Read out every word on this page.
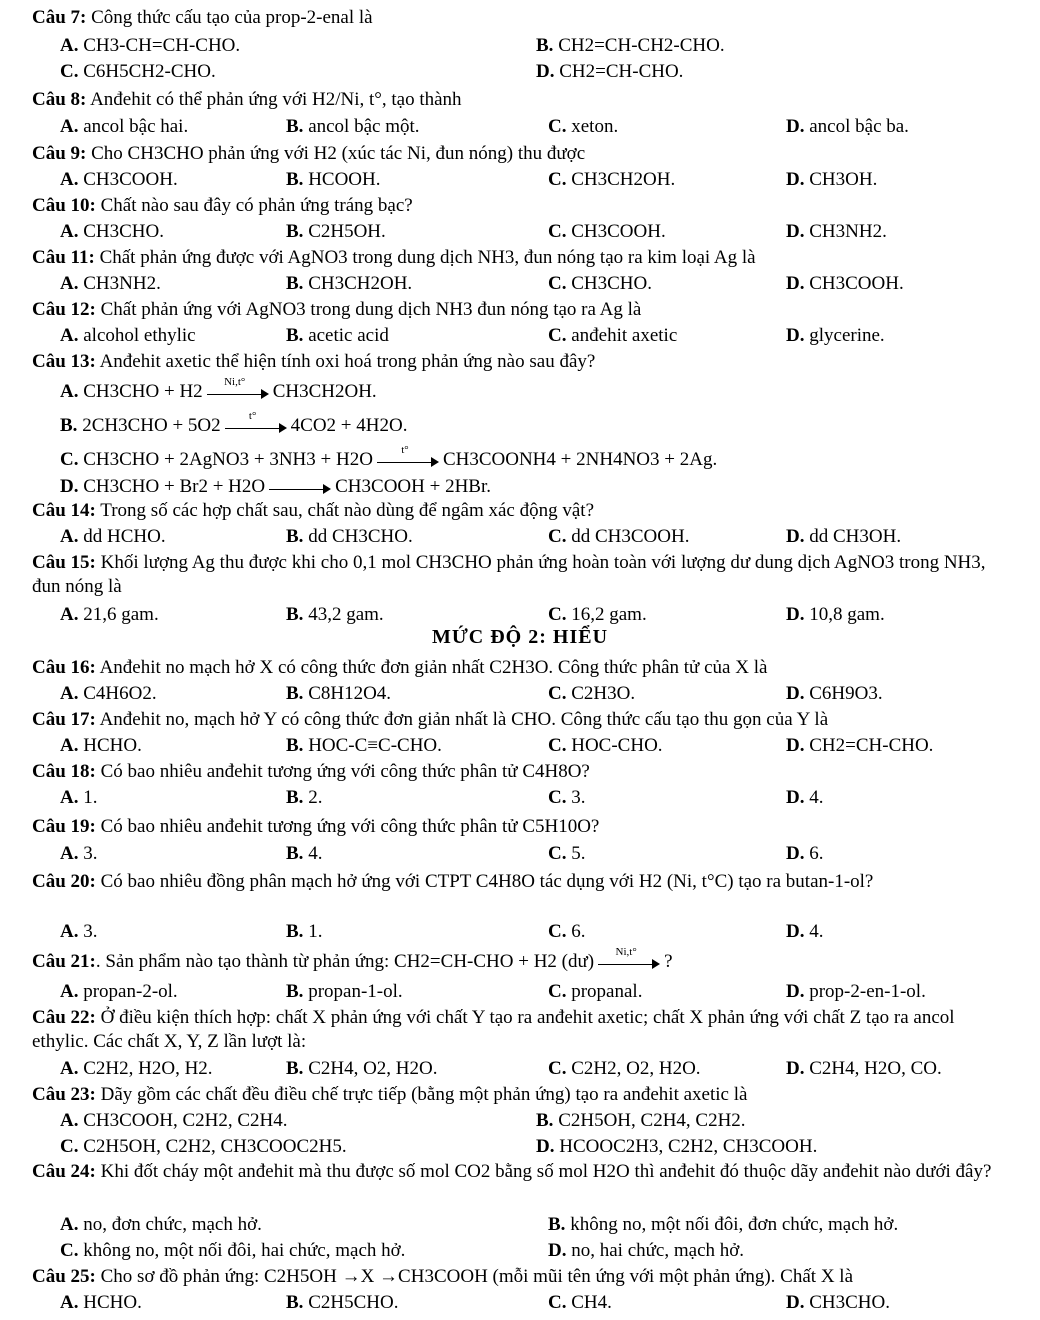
Câu 7: Công thức cấu tạo của prop-2-enal là
A. CH3-CH=CH-CHO.	B. CH2=CH-CH2-CHO.
C. C6H5CH2-CHO.	D. CH2=CH-CHO.
Câu 8: Anđehit có thể phản ứng với H2/Ni, t°, tạo thành
A. ancol bậc hai.	B. ancol bậc một.	C. xeton.	D. ancol bậc ba.
Câu 9: Cho CH3CHO phản ứng với H2 (xúc tác Ni, đun nóng) thu được
A. CH3COOH.	B. HCOOH.	C. CH3CH2OH.	D. CH3OH.
Câu 10: Chất nào sau đây có phản ứng tráng bạc?
A. CH3CHO.	B. C2H5OH.	C. CH3COOH.	D. CH3NH2.
Câu 11: Chất phản ứng được với AgNO3 trong dung dịch NH3, đun nóng tạo ra kim loại Ag là
A. CH3NH2.	B. CH3CH2OH.	C. CH3CHO.	D. CH3COOH.
Câu 12: Chất phản ứng với AgNO3 trong dung dịch NH3 đun nóng tạo ra Ag là
A. alcohol ethylic	B. acetic acid	C. anđehit axetic	D. glycerine.
Câu 13: Anđehit axetic thể hiện tính oxi hoá trong phản ứng nào sau đây?
A. CH3CHO + H2	Ni,t°	CH3CH2OH.
B. 2CH3CHO + 5O2	t°	4CO2 + 4H2O.
C. CH3CHO + 2AgNO3 + 3NH3 + H2O	t°	CH3COONH4 + 2NH4NO3 + 2Ag.
D. CH3CHO + Br2 + H2O	CH3COOH + 2HBr.
Câu 14: Trong số các hợp chất sau, chất nào dùng để ngâm xác động vật?
A. dd HCHO.	B. dd CH3CHO.	C. dd CH3COOH.	D. dd CH3OH.
Câu 15: Khối lượng Ag thu được khi cho 0,1 mol CH3CHO phản ứng hoàn toàn với lượng dư dung dịch AgNO3 trong NH3, đun nóng là
A. 21,6 gam.	B. 43,2 gam.	C. 16,2 gam.	D. 10,8 gam.
MỨC ĐỘ 2: HIỂU
Câu 16: Anđehit no mạch hở X có công thức đơn giản nhất C2H3O. Công thức phân tử của X là
A. C4H6O2.	B. C8H12O4.	C. C2H3O.	D. C6H9O3.
Câu 17: Anđehit no, mạch hở Y có công thức đơn giản nhất là CHO. Công thức cấu tạo thu gọn của Y là
A. HCHO.	B. HOC-C≡C-CHO.	C. HOC-CHO.	D. CH2=CH-CHO.
Câu 18: Có bao nhiêu anđehit tương ứng với công thức phân tử C4H8O?
A. 1.	B. 2.	C. 3.	D. 4.
Câu 19: Có bao nhiêu anđehit tương ứng với công thức phân tử C5H10O?
A. 3.	B. 4.	C. 5.	D. 6.
Câu 20: Có bao nhiêu đồng phân mạch hở ứng với CTPT C4H8O tác dụng với H2 (Ni, t°C) tạo ra butan-1-ol?
A. 3.	B. 1.	C. 6.	D. 4.
Câu 21:. Sản phẩm nào tạo thành từ phản ứng: CH2=CH-CHO + H2 (dư)	Ni,t°	?
A. propan-2-ol.	B. propan-1-ol.	C. propanal.	D. prop-2-en-1-ol.
Câu 22: Ở điều kiện thích hợp: chất X phản ứng với chất Y tạo ra anđehit axetic; chất X phản ứng với chất Z tạo ra ancol ethylic. Các chất X, Y, Z lần lượt là:
A. C2H2, H2O, H2.	B. C2H4, O2, H2O.	C. C2H2, O2, H2O.	D. C2H4, H2O, CO.
Câu 23: Dãy gồm các chất đều điều chế trực tiếp (bằng một phản ứng) tạo ra anđehit axetic là
A. CH3COOH, C2H2, C2H4.	B. C2H5OH, C2H4, C2H2.
C. C2H5OH, C2H2, CH3COOC2H5.	D. HCOOC2H3, C2H2, CH3COOH.
Câu 24: Khi đốt cháy một anđehit mà thu được số mol CO2 bằng số mol H2O thì anđehit đó thuộc dãy anđehit nào dưới đây?
A. no, đơn chức, mạch hở.	B. không no, một nối đôi, đơn chức, mạch hở.
C. không no, một nối đôi, hai chức, mạch hở.	D. no, hai chức, mạch hở.
Câu 25: Cho sơ đồ phản ứng: C2H5OH →X →CH3COOH (mỗi mũi tên ứng với một phản ứng). Chất X là
A. HCHO.	B. C2H5CHO.	C. CH4.	D. CH3CHO.
